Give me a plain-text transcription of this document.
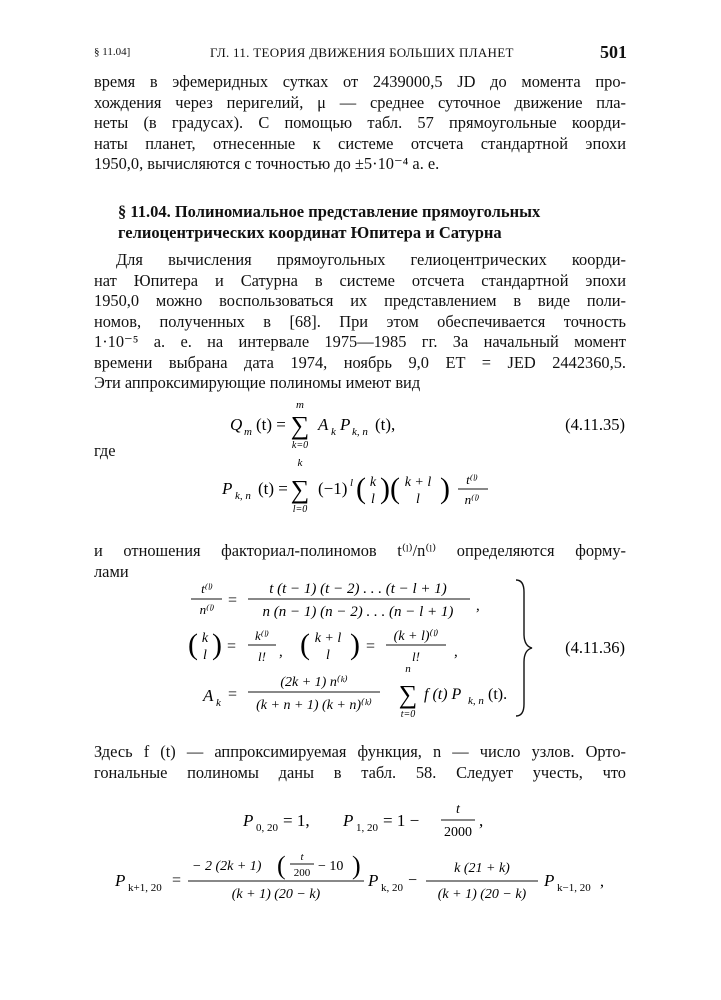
§ 11.04]	ГЛ. 11. ТЕОРИЯ ДВИЖЕНИЯ БОЛЬШИХ ПЛАНЕТ	501
время в эфемеридных сутках от 2439000,5 JD до момента про-
хождения через перигелий, μ — среднее суточное движение пла-
неты (в градусах). С помощью табл. 57 прямоугольные коорди-
наты планет, отнесенные к системе отсчета стандартной эпохи
1950,0, вычисляются с точностью до ±5·10⁻⁴ а. е.
§ 11.04. Полиномиальное представление прямоугольных
гелиоцентрических координат Юпитера и Сатурна
Для вычисления прямоугольных гелиоцентрических коорди-
нат Юпитера и Сатурна в системе отсчета стандартной эпохи
1950,0 можно воспользоваться их представлением в виде поли-
номов, полученных в [68]. При этом обеспечивается точность
1·10⁻⁵ а. е. на интервале 1975—1985 гг. За начальный момент
времени выбрана дата 1974, ноябрь 9,0 ET = JED 2442360,5.
Эти аппроксимирующие полиномы имеют вид
Q m (t) =
m
∑
k=0
A k P k, n (t),	(4.11.35)
где
P k, n (t) =
k
∑
l=0
(−1) l ( k
l ) ( k + l
l ) t⁽ˡ⁾
n⁽ˡ⁾
и отношения факториал-полиномов t⁽ˡ⁾/n⁽ˡ⁾ определяются форму-
лами
t⁽ˡ⁾
n⁽ˡ⁾
=
t (t − 1) (t − 2) . . . (t − l + 1)
n (n − 1) (n − 2) . . . (n − l + 1) ,
( k
l ) =
k⁽ˡ⁾
l! , ( k + l
l ) =
(k + l)⁽ˡ⁾
l! ,
A k =
(2k + 1) n⁽ᵏ⁾
(k + n + 1) (k + n)⁽ᵏ⁾
n
∑
t=0
f (t) P k, n (t).
(4.11.36)
Здесь f (t) — аппроксимируемая функция, n — число узлов. Орто-
гональные полиномы даны в табл. 58. Следует учесть, что
P 0, 20 = 1, P 1, 20 = 1 −
t
2000
,
P k+1, 20 =
− 2 (2k + 1) ( t
200 − 10 )
(k + 1) (20 − k)
P k, 20 −
k (21 + k)
(k + 1) (20 − k)
P k−1, 20 ,
